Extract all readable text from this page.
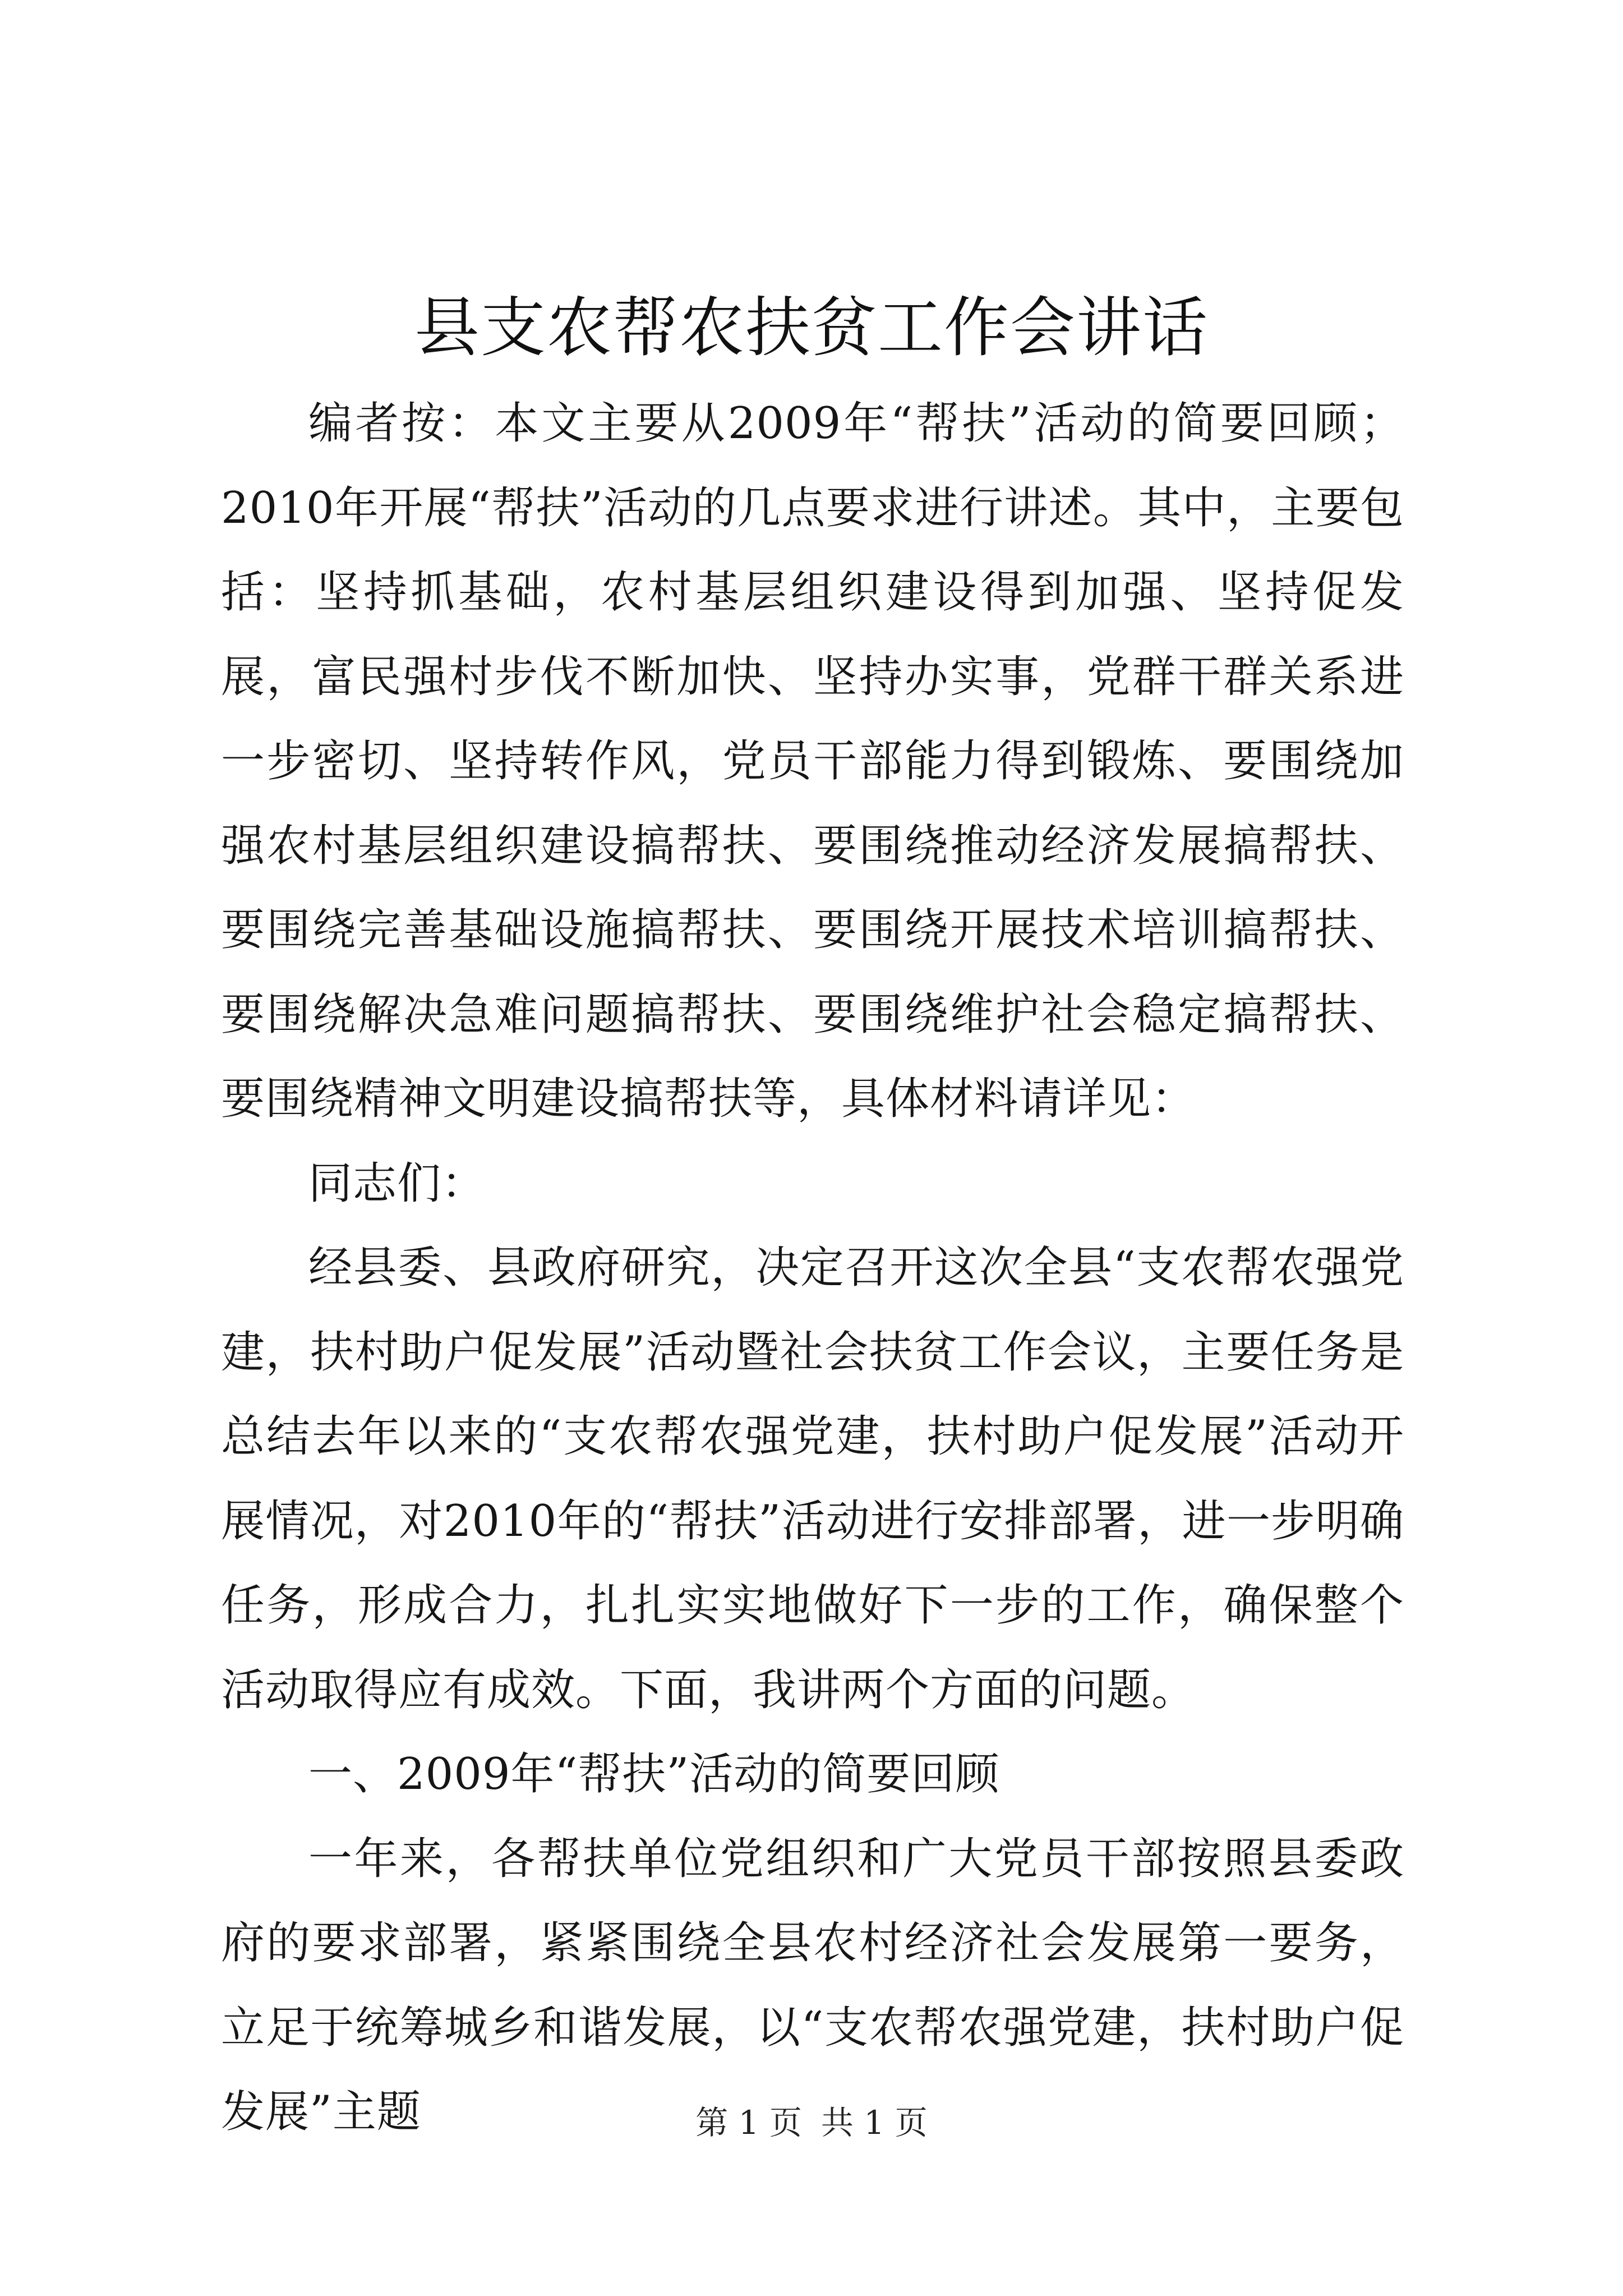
县支农帮农扶贫工作会讲话

编者按：本文主要从2009年“帮扶”活动的简要回顾；2010年开展“帮扶”活动的几点要求进行讲述。其中，主要包括：坚持抓基础，农村基层组织建设得到加强、坚持促发展，富民强村步伐不断加快、坚持办实事，党群干群关系进一步密切、坚持转作风，党员干部能力得到锻炼、要围绕加强农村基层组织建设搞帮扶、要围绕推动经济发展搞帮扶、要围绕完善基础设施搞帮扶、要围绕开展技术培训搞帮扶、要围绕解决急难问题搞帮扶、要围绕维护社会稳定搞帮扶、要围绕精神文明建设搞帮扶等，具体材料请详见：

同志们：

经县委、县政府研究，决定召开这次全县“支农帮农强党建，扶村助户促发展”活动暨社会扶贫工作会议，主要任务是总结去年以来的“支农帮农强党建，扶村助户促发展”活动开展情况，对2010年的“帮扶”活动进行安排部署，进一步明确任务，形成合力，扎扎实实地做好下一步的工作，确保整个活动取得应有成效。下面，我讲两个方面的问题。

一、2009年“帮扶”活动的简要回顾

一年来，各帮扶单位党组织和广大党员干部按照县委政府的要求部署，紧紧围绕全县农村经济社会发展第一要务，立足于统筹城乡和谐发展，以“支农帮农强党建，扶村助户促发展”主题	第 1 页 共 1 页
